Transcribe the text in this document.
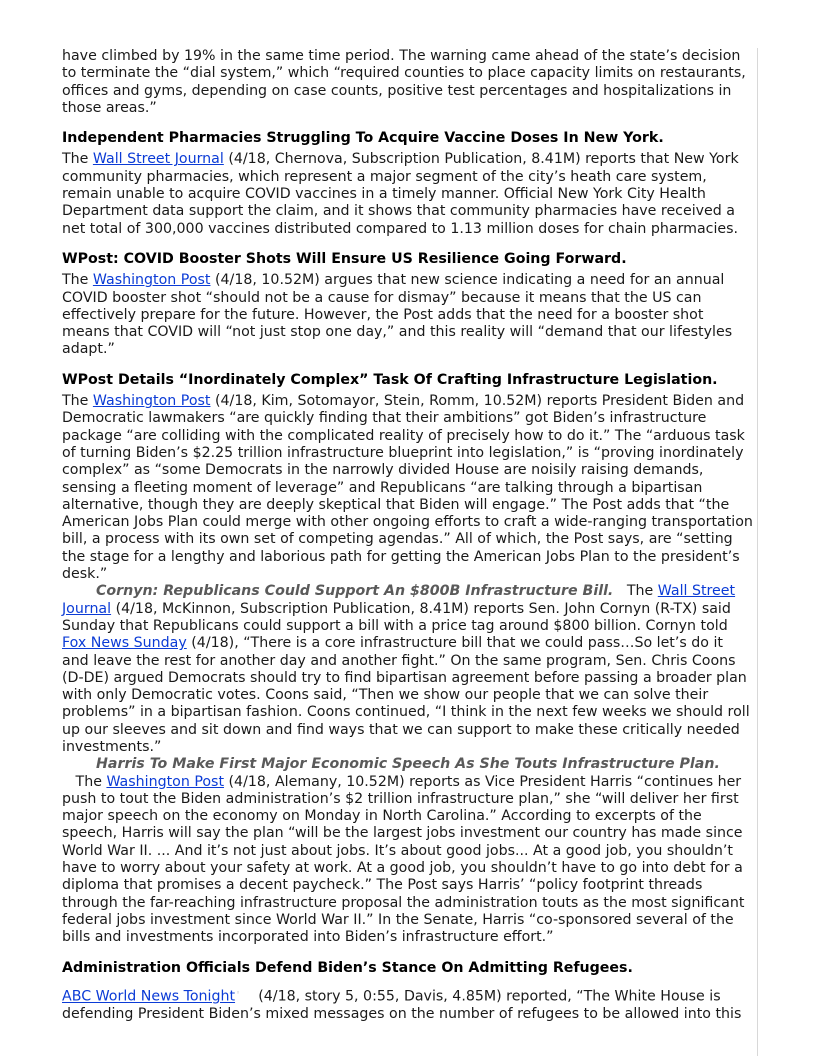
have climbed by 19% in the same time period. The warning came ahead of the state’s decision to terminate the “dial system,” which “required counties to place capacity limits on restaurants, offices and gyms, depending on case counts, positive test percentages and hospitalizations in those areas.”

Independent Pharmacies Struggling To Acquire Vaccine Doses In New York.

The Wall Street Journal (4/18, Chernova, Subscription Publication, 8.41M) reports that New York community pharmacies, which represent a major segment of the city’s heath care system, remain unable to acquire COVID vaccines in a timely manner. Official New York City Health Department data support the claim, and it shows that community pharmacies have received a net total of 300,000 vaccines distributed compared to 1.13 million doses for chain pharmacies.

WPost: COVID Booster Shots Will Ensure US Resilience Going Forward.

The Washington Post (4/18, 10.52M) argues that new science indicating a need for an annual COVID booster shot “should not be a cause for dismay” because it means that the US can effectively prepare for the future. However, the Post adds that the need for a booster shot means that COVID will “not just stop one day,” and this reality will “demand that our lifestyles adapt.”

WPost Details “Inordinately Complex” Task Of Crafting Infrastructure Legislation.

The Washington Post (4/18, Kim, Sotomayor, Stein, Romm, 10.52M) reports President Biden and Democratic lawmakers “are quickly finding that their ambitions” got Biden’s infrastructure package “are colliding with the complicated reality of precisely how to do it.” The “arduous task of turning Biden’s $2.25 trillion infrastructure blueprint into legislation,” is “proving inordinately complex” as “some Democrats in the narrowly divided House are noisily raising demands, sensing a fleeting moment of leverage” and Republicans “are talking through a bipartisan alternative, though they are deeply skeptical that Biden will engage.” The Post adds that “the American Jobs Plan could merge with other ongoing efforts to craft a wide-ranging transportation bill, a process with its own set of competing agendas.” All of which, the Post says, are “setting the stage for a lengthy and laborious path for getting the American Jobs Plan to the president’s desk.”

Cornyn: Republicans Could Support An $800B Infrastructure Bill.   The Wall Street Journal (4/18, McKinnon, Subscription Publication, 8.41M) reports Sen. John Cornyn (R-TX) said Sunday that Republicans could support a bill with a price tag around $800 billion. Cornyn told Fox News Sunday (4/18), “There is a core infrastructure bill that we could pass…So let’s do it and leave the rest for another day and another fight.” On the same program, Sen. Chris Coons (D-DE) argued Democrats should try to find bipartisan agreement before passing a broader plan with only Democratic votes. Coons said, “Then we show our people that we can solve their problems” in a bipartisan fashion. Coons continued, “I think in the next few weeks we should roll up our sleeves and sit down and find ways that we can support to make these critically needed investments.”

Harris To Make First Major Economic Speech As She Touts Infrastructure Plan.   The Washington Post (4/18, Alemany, 10.52M) reports as Vice President Harris “continues her push to tout the Biden administration’s $2 trillion infrastructure plan,” she “will deliver her first major speech on the economy on Monday in North Carolina.” According to excerpts of the speech, Harris will say the plan “will be the largest jobs investment our country has made since World War II. ... And it’s not just about jobs. It’s about good jobs... At a good job, you shouldn’t have to worry about your safety at work. At a good job, you shouldn’t have to go into debt for a diploma that promises a decent paycheck.” The Post says Harris’ “policy footprint threads through the far-reaching infrastructure proposal the administration touts as the most significant federal jobs investment since World War II.” In the Senate, Harris “co-sponsored several of the bills and investments incorporated into Biden’s infrastructure effort.”

Administration Officials Defend Biden’s Stance On Admitting Refugees.

ABC World News Tonight◦    (4/18, story 5, 0:55, Davis, 4.85M) reported, “The White House is defending President Biden’s mixed messages on the number of refugees to be allowed into this
